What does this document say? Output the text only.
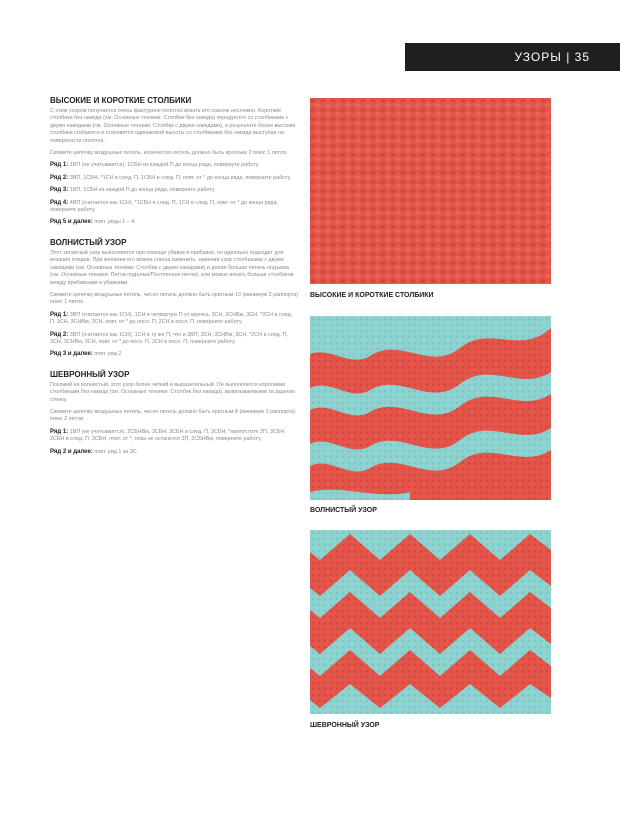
УЗОРЫ | 35
ВЫСОКИЕ И КОРОТКИЕ СТОЛБИКИ

С этим узором получается очень фактурное полотно вязать его совсем несложно. Короткие столбики без накида (см. Основные техники: Столбик без накида) чередуются со столбиками с двумя накидами (см. Основные техники: Столбик с двумя накидами), в результате более высокие столбики сгибаются и становятся одинаковой высоты со столбиками без накида выступая на поверхности полотна.

Свяжите цепочку воздушных петель, количество петель должно быть кратным 2 плюс 1 петля.

Ряд 1: 1ВП (не учитывается), 1СБН из каждой П до конца ряда, повернуте работу.

Ряд 2: 3ВП, 1СБН, *1СН в след. П, 1СБН в след. П, повт. от * до конца ряда, поверните работу.

Ряд 3: 1ВП, 1СБН из каждой П до конца ряда, поверните работу.

Ряд 4: 4ВП (считается как 1СН), *1СБН в след. П, 1СН в след. П, повт. от * до конца ряда, поверните работу.

Ряд 5 и далее: повт. ряды 1 – 4.

ВОЛНИСТЫЙ УЗОР

Этот зигзагный узор выполняется при помощи убавок и прибавок, он идеально подходит для вязания пледов. При желании его можно слегка изменить, заменив узор столбиками с двумя накидами (см. Основные техники: Столбик с двумя накидами) и делая больше петель подъема (см. Основные техники: Петли подъема/Постоянное петли), или можно вязать больше столбиков между прибавками и убавками.

Свяжите цепочку воздушных петель, число петель должно быть кратным 10 (минимум 2 раппорта) плюс 1 петля.

Ряд 1: 3ВП (считается как 1СН), 1СН в четвертую П от крючка, 3СН, 3СНВм, 3СН, *2СН в след. П, 3СН, 3СНВм, 3СН, повт. от * до посл. П, 2СН в посл. П, поверните работу.

Ряд 2: 3ВП (считается как 1СН), 1СН в ту же П, что и 3ВП, 3СН, 3СНВм, 3СН, *2СН в след. П, 3СН, 3СНВм, 3СН, повт. от * до посл. П, 2СН в посл. П, поверните работу.

Ряд 3 и далее: повт. ряд 2.

ШЕВРОННЫЙ УЗОР

Похожий на волнистый, этот узор более четкий и выразительный. Он выполняется короткими столбиками без накида (см. Основные техники: Столбик без накида), вывязываемыми за заднюю стенку.

Свяжите цепочку воздушных петель, число петель должно быть кратным 8 (минимум 2 раппорта) плюс 2 петли.

Ряд 1: 1ВП (не учитывается), 2СБНВм, 3СБН, 3СБН в след. П, 3СБН, *пропустите 2П, 3СБН, 3СБН в след. П, 3СБН, повт. от *, пока не останется 2П, 2СБНВм, поверните работу.

Ряд 2 и далее: повт. ряд 1 за 3С.

ВЫСОКИЕ И КОРОТКИЕ СТОЛБИКИ
ВОЛНИСТЫЙ УЗОР
ШЕВРОННЫЙ УЗОР
